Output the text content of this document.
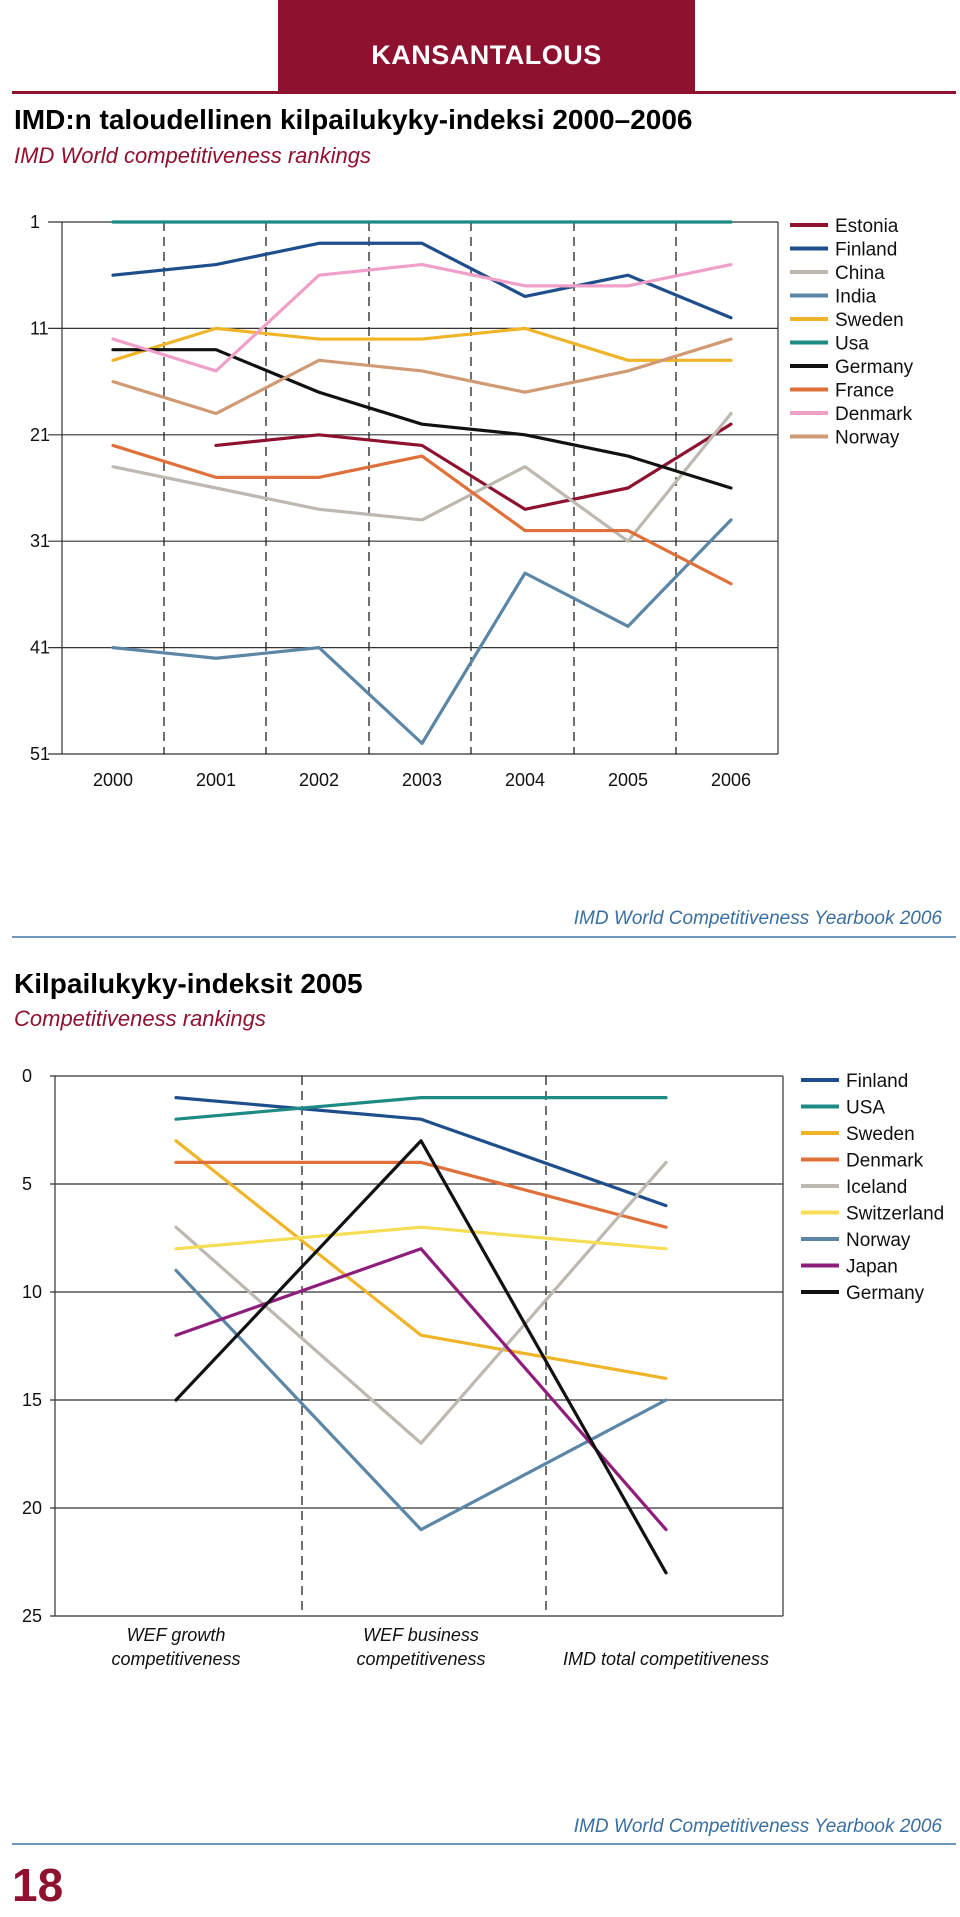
KANSANTALOUS
IMD:n taloudellinen kilpailukyky-indeksi 2000–2006
IMD World competitiveness rankings
1
11
21
31
41
51
2000	2001	2002	2003	2004	2005	2006
Estonia
Finland
China
India
Sweden
Usa
Germany
France
Denmark
Norway
IMD World Competitiveness Yearbook 2006
Kilpailukyky-indeksit 2005
Competitiveness rankings
0
5
10
15
20
25
WEF growth competitiveness
WEF business competitiveness	IMD total competitiveness
Finland
USA
Sweden
Denmark
Iceland
Switzerland
Norway
Japan
Germany
IMD World Competitiveness Yearbook 2006
18
